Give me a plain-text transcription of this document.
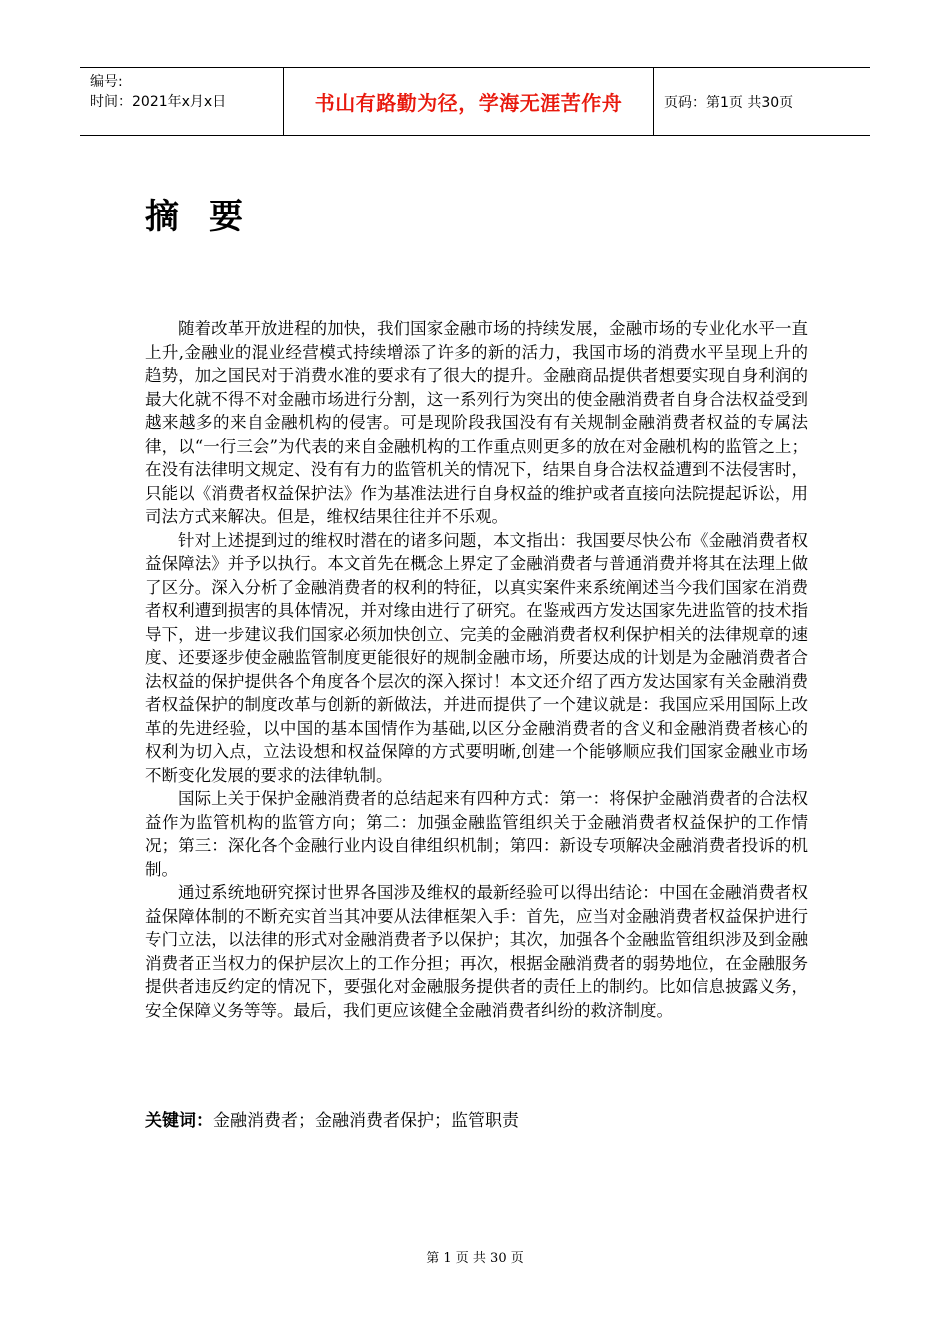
编号:
时间：2021年x月x日	书山有路勤为径，学海无涯苦作舟	页码：第1页 共30页
摘要

随着改革开放进程的加快，我们国家金融市场的持续发展，金融市场的专业化水平一直上升,金融业的混业经营模式持续增添了许多的新的活力，我国市场的消费水平呈现上升的趋势，加之国民对于消费水准的要求有了很大的提升。金融商品提供者想要实现自身利润的最大化就不得不对金融市场进行分割，这一系列行为突出的使金融消费者自身合法权益受到越来越多的来自金融机构的侵害。可是现阶段我国没有有关规制金融消费者权益的专属法律，以“一行三会”为代表的来自金融机构的工作重点则更多的放在对金融机构的监管之上；在没有法律明文规定、没有有力的监管机关的情况下，结果自身合法权益遭到不法侵害时，只能以《消费者权益保护法》作为基准法进行自身权益的维护或者直接向法院提起诉讼，用司法方式来解决。但是，维权结果往往并不乐观。

针对上述提到过的维权时潜在的诸多问题，本文指出：我国要尽快公布《金融消费者权益保障法》并予以执行。本文首先在概念上界定了金融消费者与普通消费并将其在法理上做了区分。深入分析了金融消费者的权利的特征，以真实案件来系统阐述当今我们国家在消费者权利遭到损害的具体情况，并对缘由进行了研究。在鉴戒西方发达国家先进监管的技术指导下，进一步建议我们国家必须加快创立、完美的金融消费者权利保护相关的法律规章的速度、还要逐步使金融监管制度更能很好的规制金融市场，所要达成的计划是为金融消费者合法权益的保护提供各个角度各个层次的深入探讨！本文还介绍了西方发达国家有关金融消费者权益保护的制度改革与创新的新做法，并进而提供了一个建议就是：我国应采用国际上改革的先进经验，以中国的基本国情作为基础,以区分金融消费者的含义和金融消费者核心的权利为切入点，立法设想和权益保障的方式要明晰,创建一个能够顺应我们国家金融业市场不断变化发展的要求的法律轨制。

国际上关于保护金融消费者的总结起来有四种方式：第一：将保护金融消费者的合法权益作为监管机构的监管方向；第二：加强金融监管组织关于金融消费者权益保护的工作情况；第三：深化各个金融行业内设自律组织机制；第四：新设专项解决金融消费者投诉的机制。

通过系统地研究探讨世界各国涉及维权的最新经验可以得出结论：中国在金融消费者权益保障体制的不断充实首当其冲要从法律框架入手：首先，应当对金融消费者权益保护进行专门立法，以法律的形式对金融消费者予以保护；其次，加强各个金融监管组织涉及到金融消费者正当权力的保护层次上的工作分担；再次，根据金融消费者的弱势地位，在金融服务提供者违反约定的情况下，要强化对金融服务提供者的责任上的制约。比如信息披露义务，安全保障义务等等。最后，我们更应该健全金融消费者纠纷的救济制度。

关键词：金融消费者；金融消费者保护；监管职责
第 1 页 共 30 页
